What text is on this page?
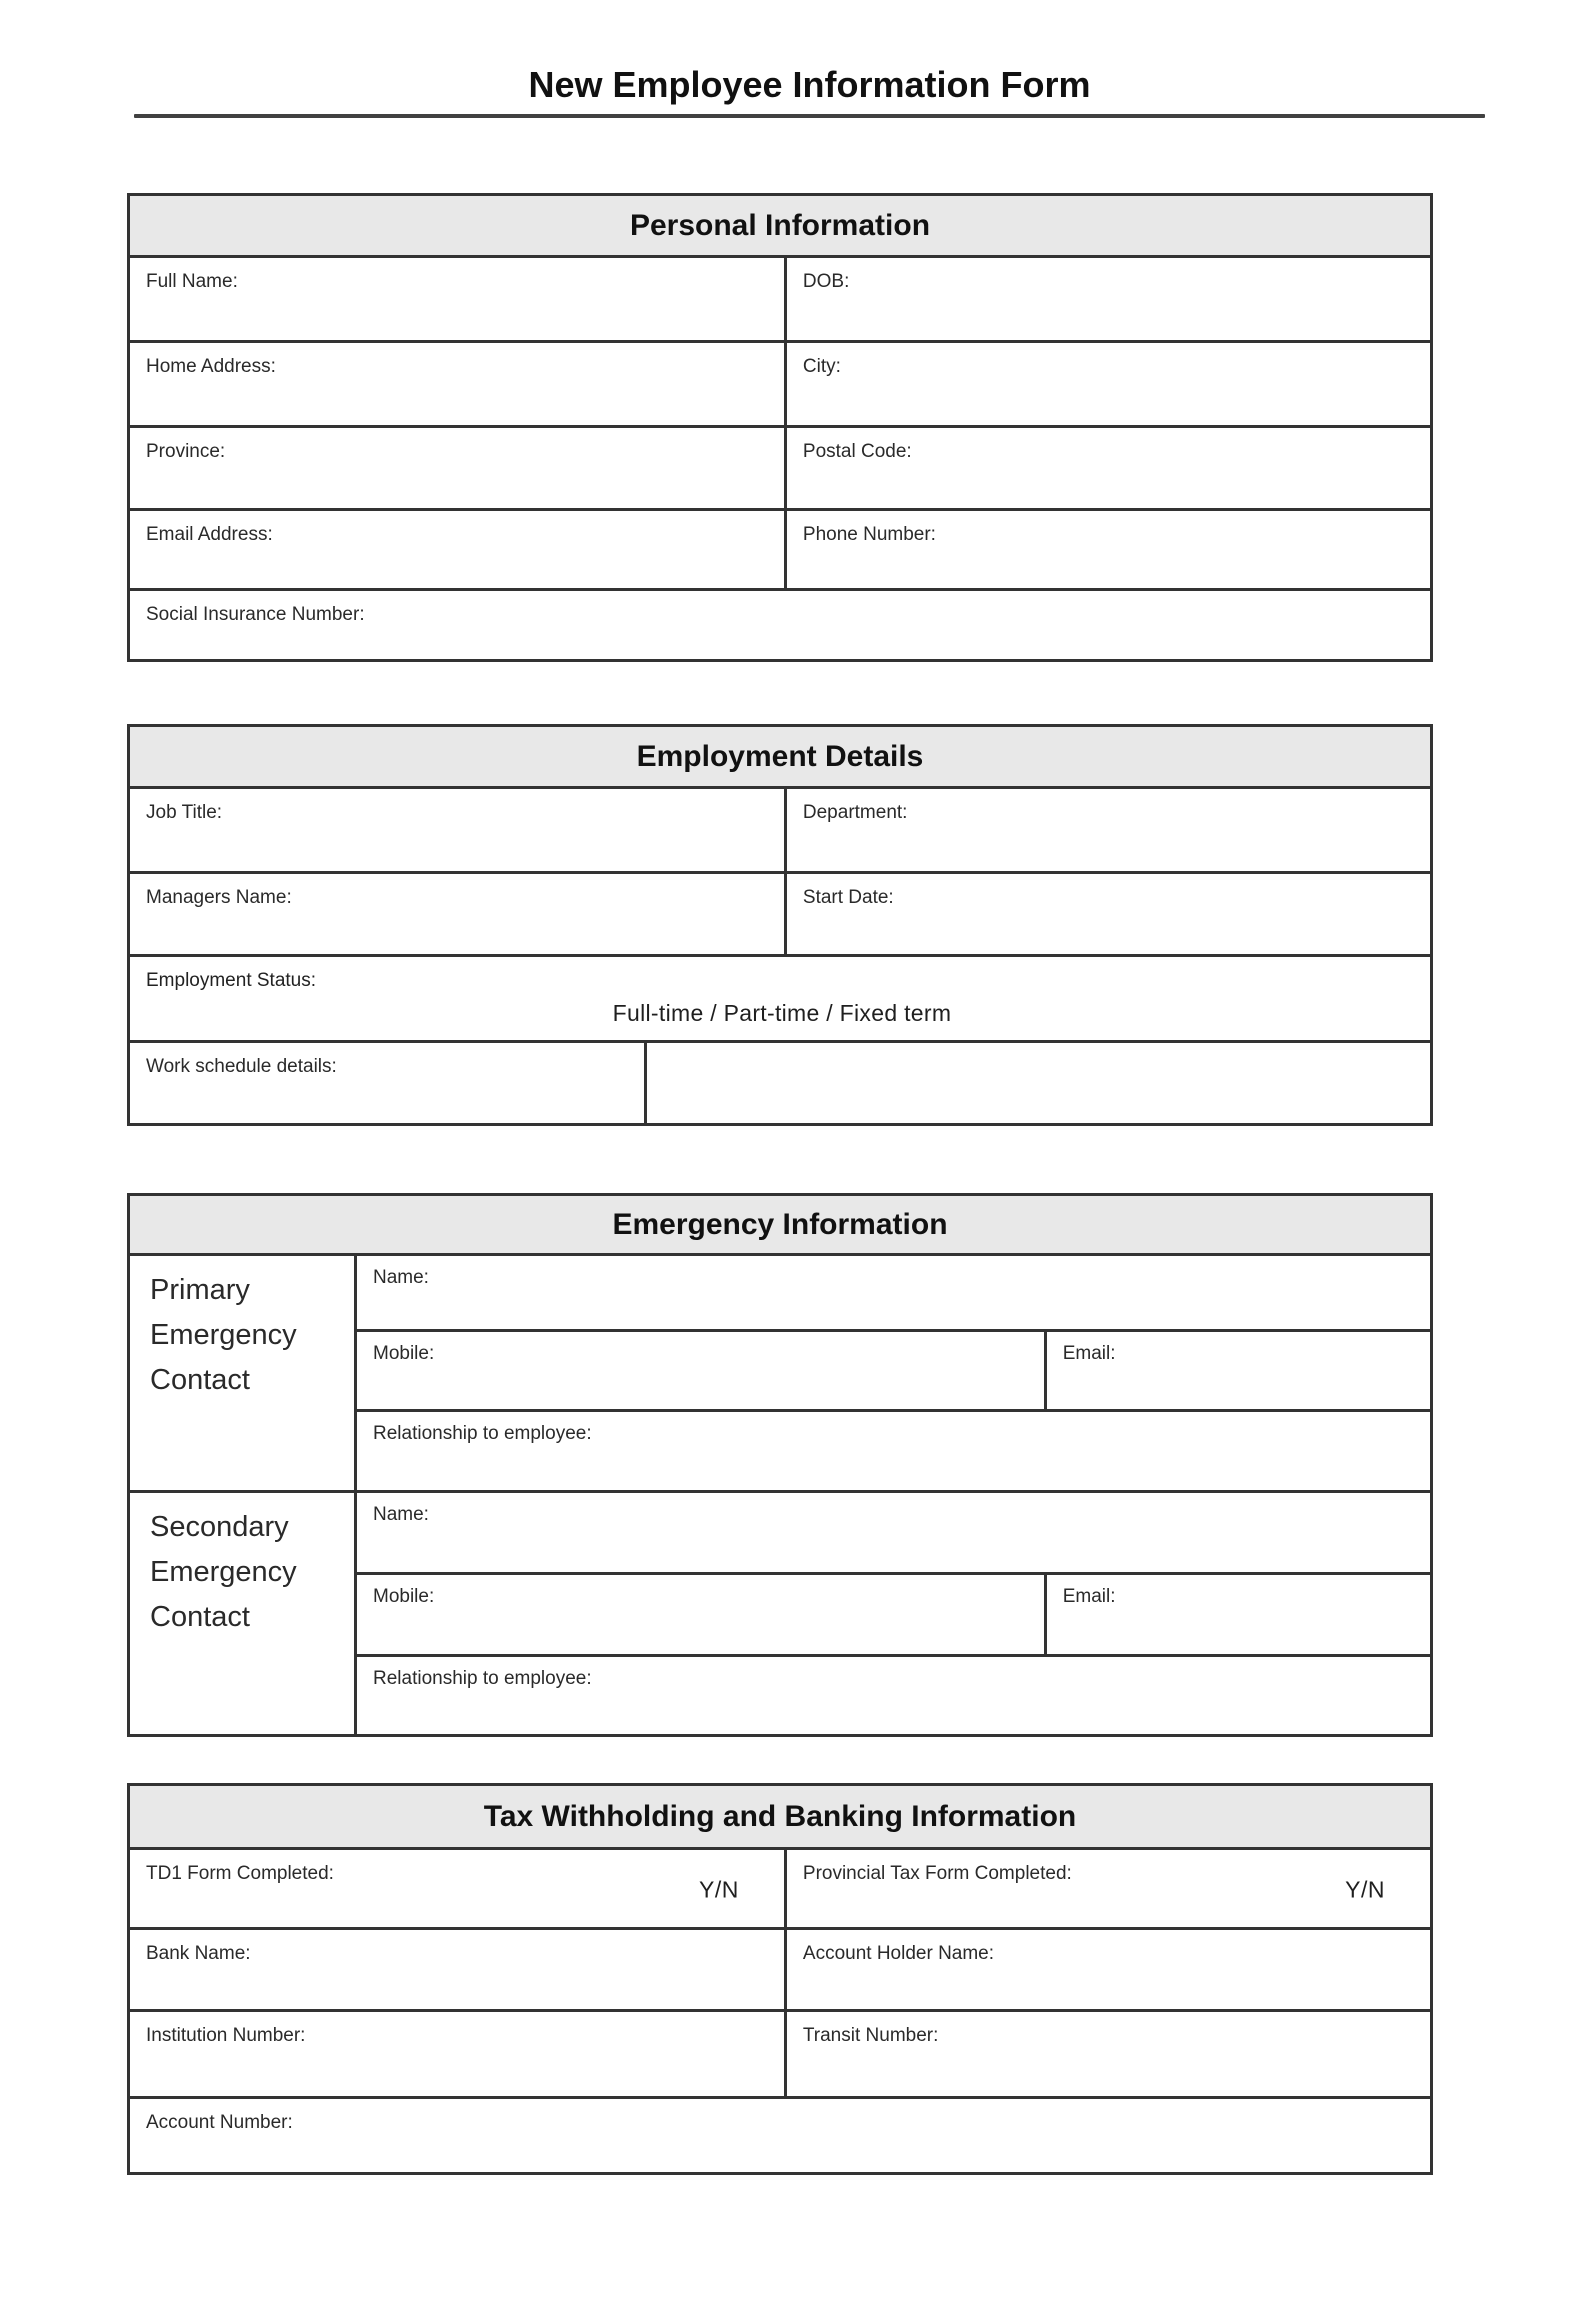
New Employee Information Form
Personal Information
Full Name:	DOB:
Home Address:	City:
Province:	Postal Code:
Email Address:	Phone Number:
Social Insurance Number:
Employment Details
Job Title:	Department:
Managers Name:	Start Date:
Employment Status:
Full-time / Part-time / Fixed term
Work schedule details:
Emergency Information
Primary Emergency Contact
Name:
Mobile:	Email:
Relationship to employee:
Secondary Emergency Contact
Name:
Mobile:	Email:
Relationship to employee:
Tax Withholding and Banking Information
TD1 Form Completed:
Y/N
Provincial Tax Form Completed:
Y/N
Bank Name:	Account Holder Name:
Institution Number:	Transit Number:
Account Number:
